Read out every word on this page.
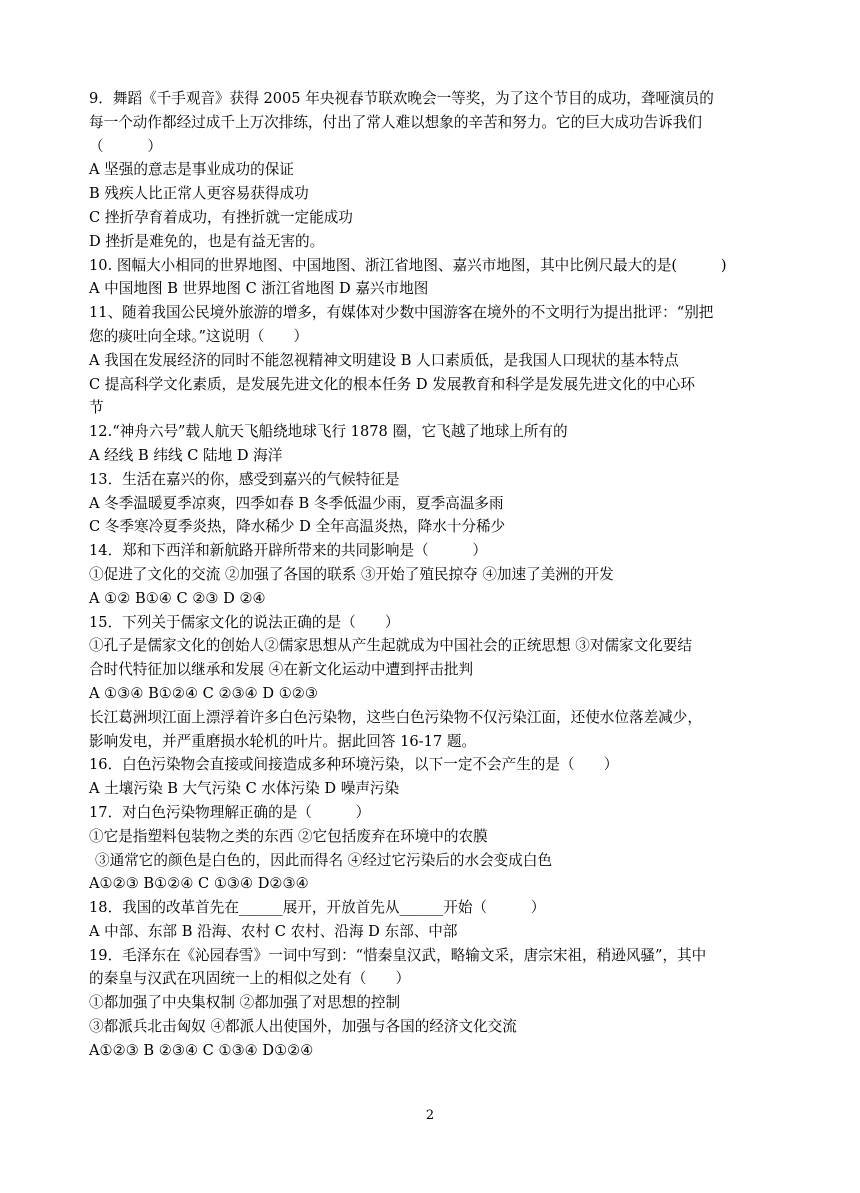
9．舞蹈《千手观音》获得 2005 年央视春节联欢晚会一等奖，为了这个节目的成功，聋哑演员的
每一个动作都经过成千上万次排练，付出了常人难以想象的辛苦和努力。它的巨大成功告诉我们
（　　　）
A 坚强的意志是事业成功的保证
B 残疾人比正常人更容易获得成功
C 挫折孕育着成功，有挫折就一定能成功
D 挫折是难免的，也是有益无害的。
10. 图幅大小相同的世界地图、中国地图、浙江省地图、嘉兴市地图，其中比例尺最大的是(　　　)
A 中国地图 B 世界地图 C 浙江省地图 D 嘉兴市地图
11、随着我国公民境外旅游的增多，有媒体对少数中国游客在境外的不文明行为提出批评：“别把
您的痰吐向全球。”这说明（　　）
A 我国在发展经济的同时不能忽视精神文明建设 B 人口素质低，是我国人口现状的基本特点
C 提高科学文化素质，是发展先进文化的根本任务 D 发展教育和科学是发展先进文化的中心环
节
12.“神舟六号”载人航天飞船绕地球飞行 1878 圈，它飞越了地球上所有的
A 经线 B 纬线 C 陆地 D 海洋
13．生活在嘉兴的你，感受到嘉兴的气候特征是
A 冬季温暖夏季凉爽，四季如春 B 冬季低温少雨，夏季高温多雨
C 冬季寒冷夏季炎热，降水稀少 D 全年高温炎热，降水十分稀少
14．郑和下西洋和新航路开辟所带来的共同影响是（　　　）
①促进了文化的交流 ②加强了各国的联系 ③开始了殖民掠夺 ④加速了美洲的开发
A ①② B①④ C ②③ D ②④
15．下列关于儒家文化的说法正确的是（　　）
①孔子是儒家文化的创始人②儒家思想从产生起就成为中国社会的正统思想 ③对儒家文化要结
合时代特征加以继承和发展 ④在新文化运动中遭到抨击批判
A ①③④ B①②④ C ②③④ D ①②③
长江葛洲坝江面上漂浮着许多白色污染物，这些白色污染物不仅污染江面，还使水位落差减少，
影响发电，并严重磨损水轮机的叶片。据此回答 16-17 题。
16．白色污染物会直接或间接造成多种环境污染，以下一定不会产生的是（　　）
A 土壤污染 B 大气污染 C 水体污染 D 噪声污染
17．对白色污染物理解正确的是（　　　）
①它是指塑料包装物之类的东西 ②它包括废弃在环境中的农膜
③通常它的颜色是白色的，因此而得名 ④经过它污染后的水会变成白色
A①②③ B①②④ C ①③④ D②③④
18．我国的改革首先在______展开，开放首先从______开始（　　　）
A 中部、东部 B 沿海、农村 C 农村、沿海 D 东部、中部
19．毛泽东在《沁园春雪》一词中写到：“惜秦皇汉武，略输文采，唐宗宋祖，稍逊风骚”，其中
的秦皇与汉武在巩固统一上的相似之处有（　　）
①都加强了中央集权制 ②都加强了对思想的控制
③都派兵北击匈奴 ④都派人出使国外，加强与各国的经济文化交流
A①②③ B ②③④ C ①③④ D①②④
2
